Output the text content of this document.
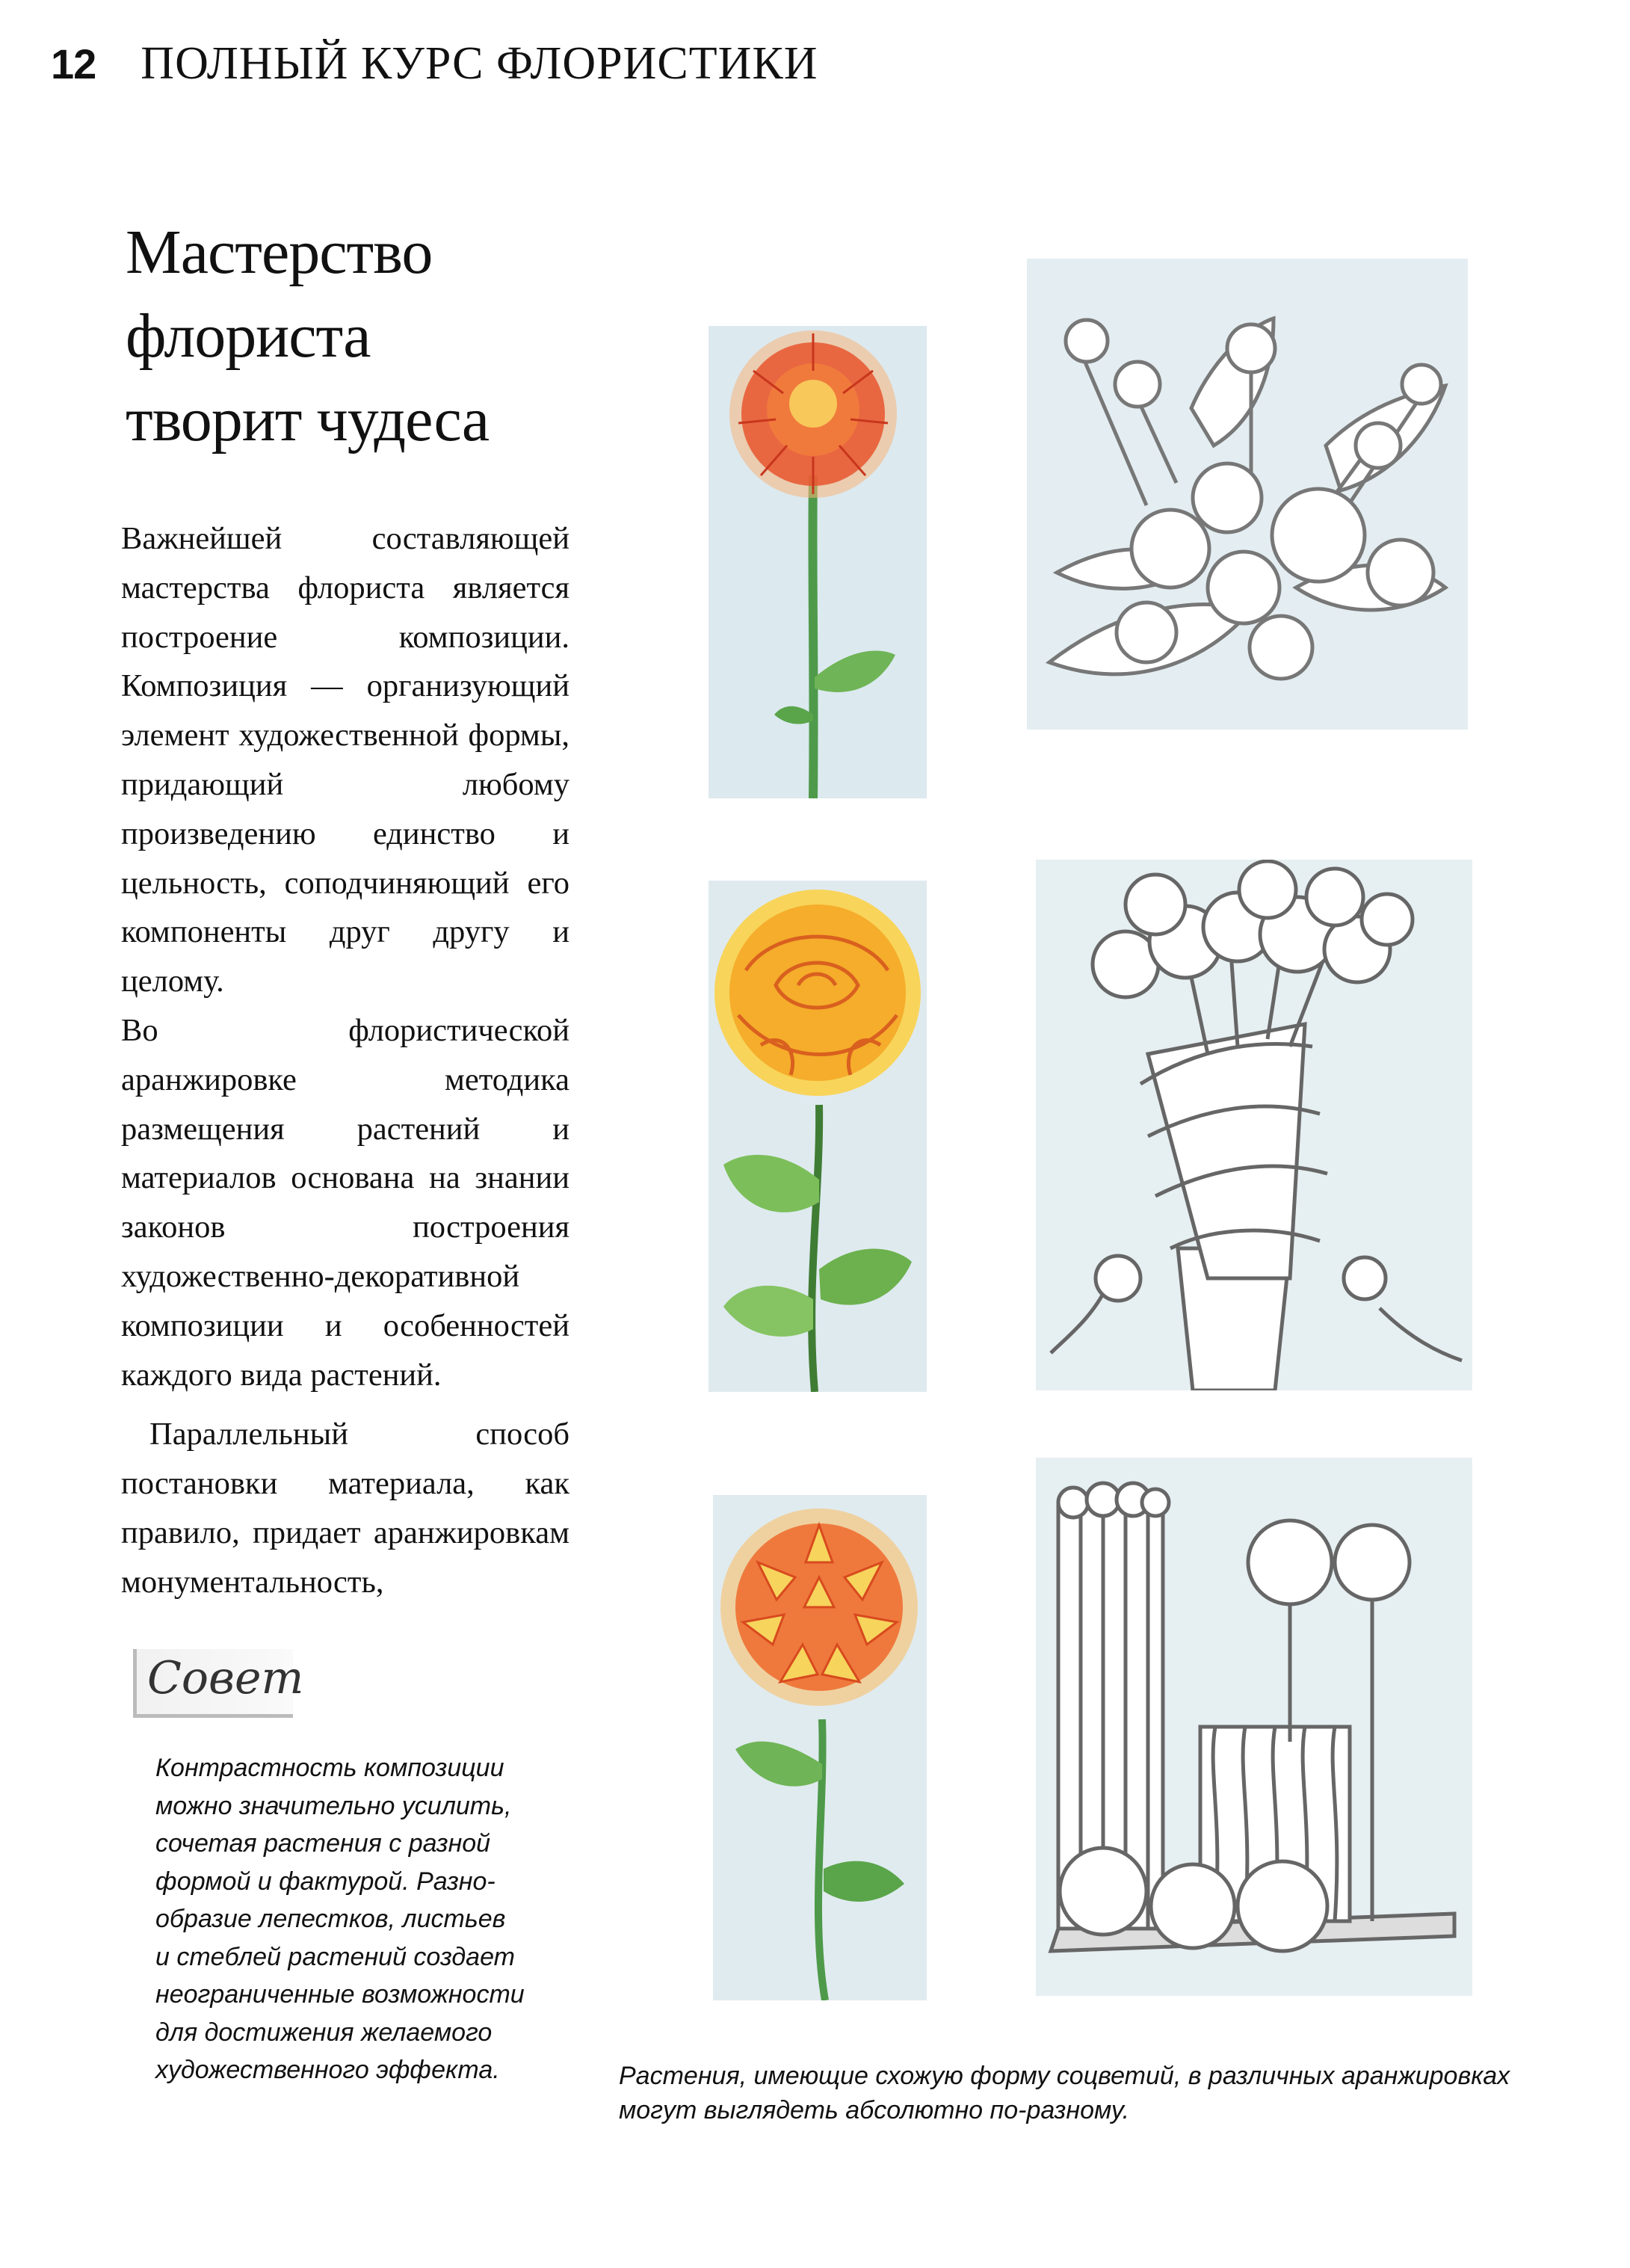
12 ПОЛНЫЙ КУРС ФЛОРИСТИКИ
Мастерство
флориста
творит чудеса

Важнейшей составляющей мастерства флориста является построение композиции. Композиция — организующий элемент художественной формы, придающий любому произведению единство и цельность, соподчиняющий его компоненты друг другу и целому.

Во флористической аранжировке методика размещения растений и материалов основана на знании законов построения художественно-декоративной композиции и особенностей каждого вида растений.

Параллельный способ постановки материала, как правило, придает аранжировкам монументальность,

Совет
Контрастность композиции
можно значительно усилить,
сочетая растения с разной
формой и фактурой. Разно-
образие лепестков, листьев
и стеблей растений создает
неограниченные возможности
для достижения желаемого
художественного эффекта.	Растения, имеющие схожую форму соцветий, в различных аранжировках
могут выглядеть абсолютно по-разному.
